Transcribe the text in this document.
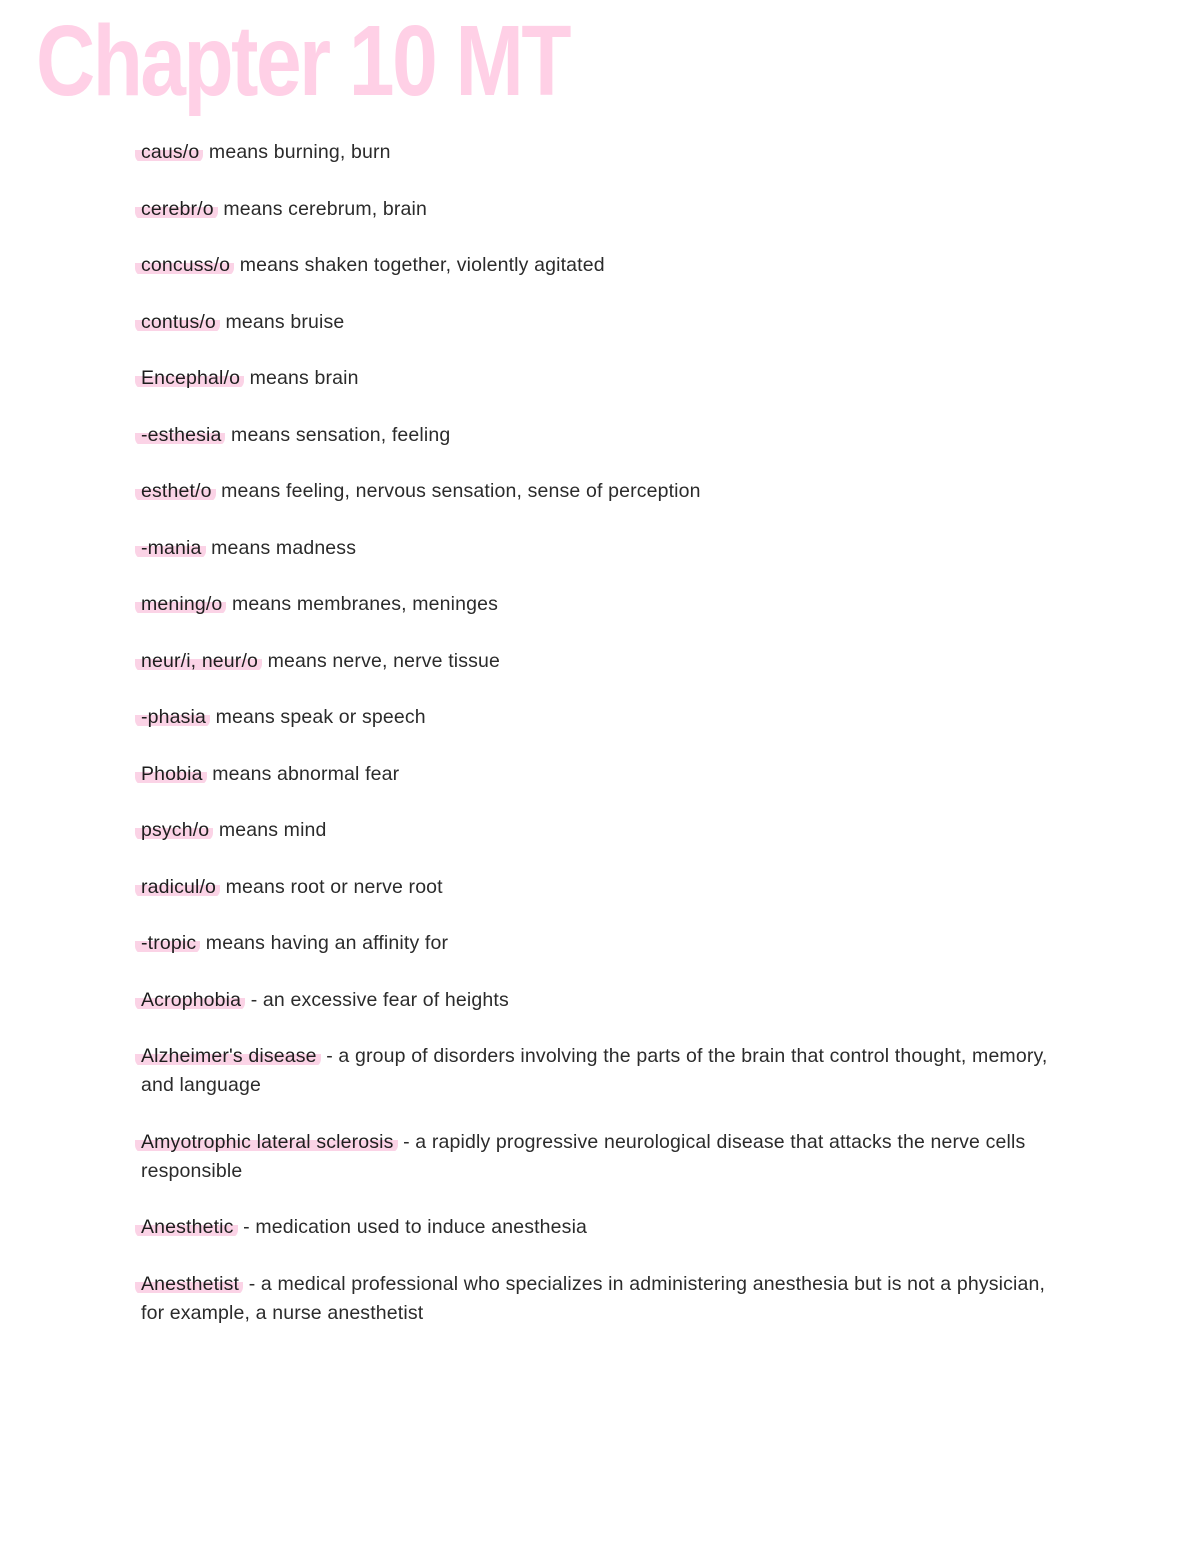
Chapter 10 MT
caus/o means burning, burn
cerebr/o means cerebrum, brain
concuss/o means shaken together, violently agitated
contus/o means bruise
Encephal/o means brain
-esthesia means sensation, feeling
esthet/o means feeling, nervous sensation, sense of perception
-mania means madness
mening/o means membranes, meninges
neur/i, neur/o means nerve, nerve tissue
-phasia means speak or speech
Phobia means abnormal fear
psych/o means mind
radicul/o means root or nerve root
-tropic means having an affinity for
Acrophobia - an excessive fear of heights
Alzheimer's disease - a group of disorders involving the parts of the brain that control thought, memory, and language
Amyotrophic lateral sclerosis - a rapidly progressive neurological disease that attacks the nerve cells responsible
Anesthetic - medication used to induce anesthesia
Anesthetist - a medical professional who specializes in administering anesthesia but is not a physician, for example, a nurse anesthetist
